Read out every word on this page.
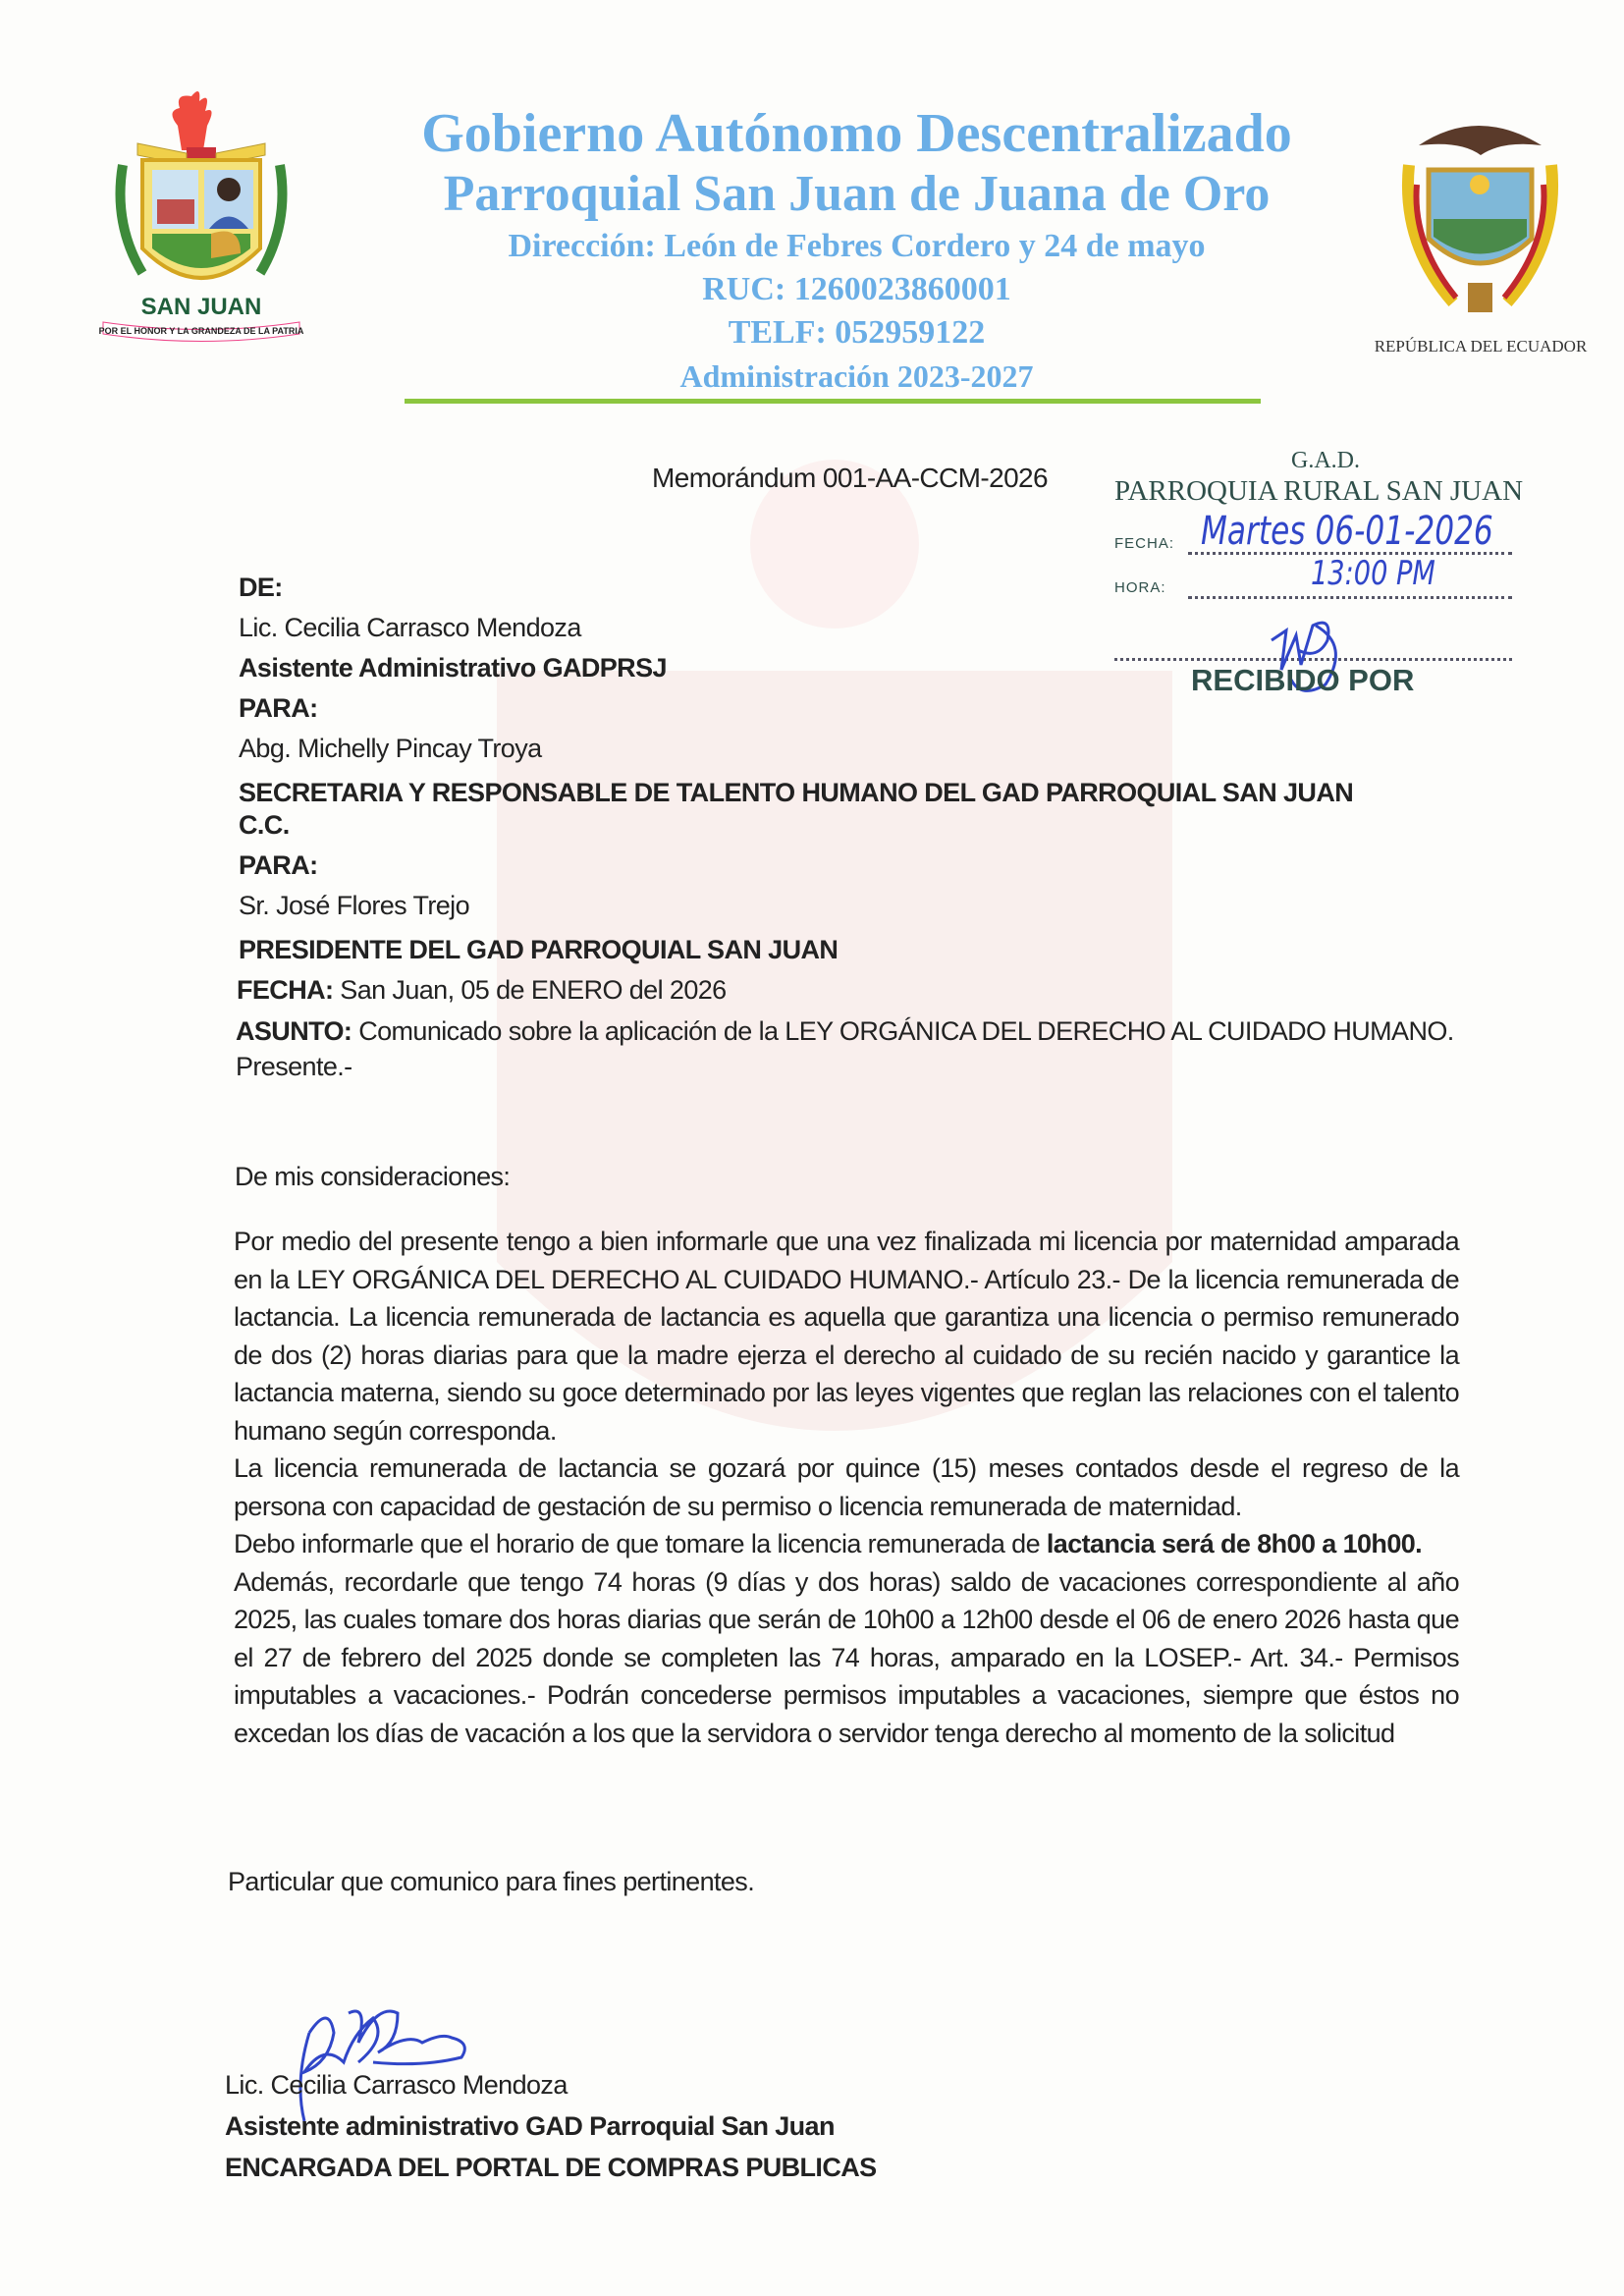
SAN JUAN
POR EL HONOR Y LA GRANDEZA DE LA PATRIA
Gobierno Autónomo Descentralizado
Parroquial San Juan de Juana de Oro
Dirección: León de Febres Cordero y 24 de mayo
RUC: 1260023860001
TELF: 052959122
Administración 2023-2027
REPÚBLICA DEL ECUADOR
Memorándum 001-AA-CCM-2026
G.A.D.
PARROQUIA RURAL SAN JUAN
FECHA: Martes 06-01-2026
HORA:	13:00 PM
RECIBIDO POR
DE:
Lic. Cecilia Carrasco Mendoza
Asistente Administrativo GADPRSJ
PARA:
Abg. Michelly Pincay Troya
SECRETARIA Y RESPONSABLE DE TALENTO HUMANO DEL GAD PARROQUIAL SAN JUAN
C.C.
PARA:
Sr. José Flores Trejo
PRESIDENTE DEL GAD PARROQUIAL SAN JUAN
FECHA: San Juan, 05 de ENERO del 2026
ASUNTO: Comunicado sobre la aplicación de la LEY ORGÁNICA DEL DERECHO AL CUIDADO HUMANO.
Presente.-
De mis consideraciones:
Por medio del presente tengo a bien informarle que una vez finalizada mi licencia por maternidad amparada en la LEY ORGÁNICA DEL DERECHO AL CUIDADO HUMANO.- Artículo 23.- De la licencia remunerada de lactancia. La licencia remunerada de lactancia es aquella que garantiza una licencia o permiso remunerado de dos (2) horas diarias para que la madre ejerza el derecho al cuidado de su recién nacido y garantice la lactancia materna, siendo su goce determinado por las leyes vigentes que reglan las relaciones con el talento humano según corresponda.
La licencia remunerada de lactancia se gozará por quince (15) meses contados desde el regreso de la persona con capacidad de gestación de su permiso o licencia remunerada de maternidad.
Debo informarle que el horario de que tomare la licencia remunerada de lactancia será de 8h00 a 10h00.
Además, recordarle que tengo 74 horas (9 días y dos horas) saldo de vacaciones correspondiente al año 2025, las cuales tomare dos horas diarias que serán de 10h00 a 12h00 desde el 06 de enero 2026 hasta que el 27 de febrero del 2025 donde se completen las 74 horas, amparado en la LOSEP.- Art. 34.- Permisos imputables a vacaciones.- Podrán concederse permisos imputables a vacaciones, siempre que éstos no excedan los días de vacación a los que la servidora o servidor tenga derecho al momento de la solicitud
Particular que comunico para fines pertinentes.
Lic. Cecilia Carrasco Mendoza
Asistente administrativo GAD Parroquial San Juan
ENCARGADA DEL PORTAL DE COMPRAS PUBLICAS
